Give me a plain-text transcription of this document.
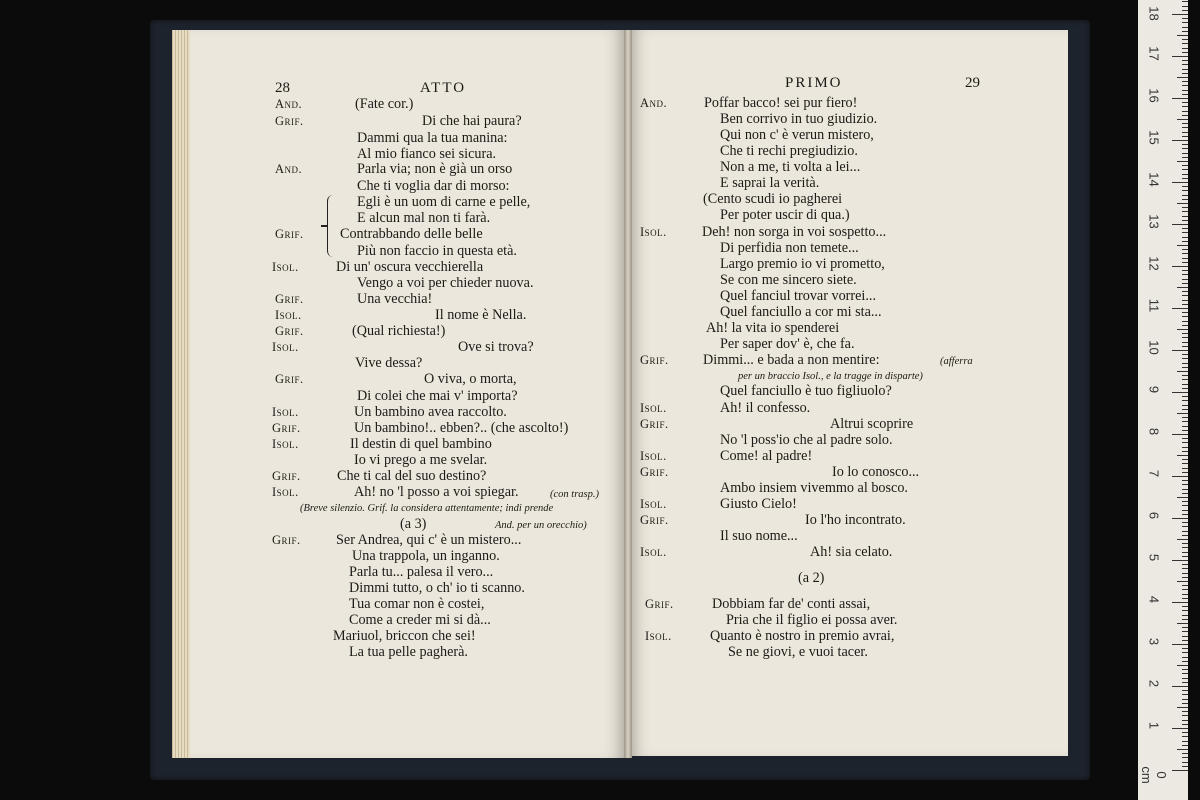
28	ATTO
And.	(Fate cor.)
Grif.	Di che hai paura?
Dammi qua la tua manina:
Al mio fianco sei sicura.
And.	Parla via; non è già un orso
Che ti voglia dar di morso:
Egli è un uom di carne e pelle,
E alcun mal non ti farà.
Grif.	Contrabbando delle belle
Più non faccio in questa età.
Isol.	Di un' oscura vecchierella
Vengo a voi per chieder nuova.
Grif.	Una vecchia!
Isol.	Il nome è Nella.
Grif.	(Qual richiesta!)
Isol.	Ove si trova?
Vive dessa?
Grif.	O viva, o morta,
Di colei che mai v' importa?
Isol.	Un bambino avea raccolto.
Grif.	Un bambino!.. ebben?.. (che ascolto!)
Isol.	Il destin di quel bambino
Io vi prego a me svelar.
Grif.	Che ti cal del suo destino?
Isol.	Ah! no 'l posso a voi spiegar.	(con trasp.)
(Breve silenzio. Grif. la considera attentamente; indi prende
(a 3)	And. per un orecchio)
Grif. Ser Andrea, qui c' è un mistero...
Una trappola, un inganno.
Parla tu... palesa il vero...
Dimmi tutto, o ch' io ti scanno.
Tua comar non è costei,
Come a creder mi si dà...
Mariuol, briccon che sei!
La tua pelle pagherà.
PRIMO	29
And.	Poffar bacco! sei pur fiero!
Ben corrivo in tuo giudizio.
Qui non c' è verun mistero,
Che ti rechi pregiudizio.
Non a me, ti volta a lei...
E saprai la verità.
(Cento scudi io pagherei
Per poter uscir di qua.)
Isol. Deh! non sorga in voi sospetto...
Di perfidia non temete...
Largo premio io vi prometto,
Se con me sincero siete.
Quel fanciul trovar vorrei...
Quel fanciullo a cor mi sta...
Ah! la vita io spenderei
Per saper dov' è, che fa.
Grif. Dimmi... e bada a non mentire:	(afferra
per un braccio Isol., e la tragge in disparte)
Quel fanciullo è tuo figliuolo?
Isol.	Ah! il confesso.
Grif.	Altrui scoprire
No 'l poss'io che al padre solo.
Isol.	Come! al padre!
Grif.	Io lo conosco...
Ambo insiem vivemmo al bosco.
Isol.	Giusto Cielo!
Grif.	Io l'ho incontrato.
Il suo nome...
Isol.	Ah! sia celato.
(a 2)
Grif.	Dobbiam far de' conti assai,
Pria che il figlio ei possa aver.
Isol.	Quanto è nostro in premio avrai,
Se ne giovi, e vuoi tacer.
0 cm
1
2
3
4
5
6
7
8
9
10
11
12
13
14
15
16
17
18
